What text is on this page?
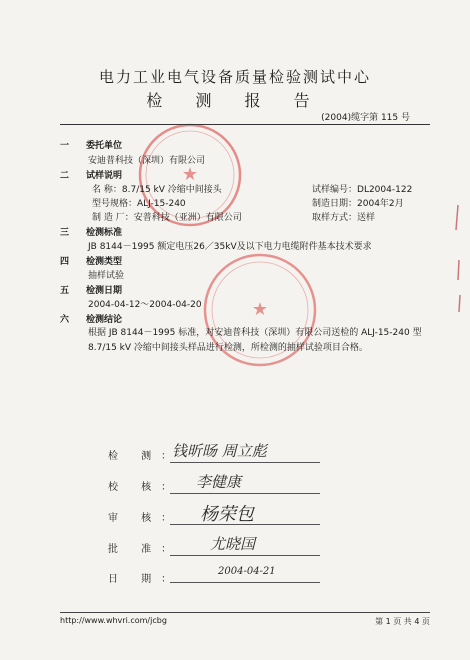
★
★
电力工业电气设备质量检验测试中心
检 测 报 告
(2004)缆字第 115 号
一 委托单位
安迪普科技（深圳）有限公司
二 试样说明
名 称：8.7/15 kV 冷缩中间接头
型号规格：ALJ-15-240
制 造 厂：安普科技（亚洲）有限公司
试样编号：DL2004-122
制造日期：2004年2月
取样方式：送样
三 检测标准
JB 8144－1995 额定电压26／35kV及以下电力电缆附件基本技术要求
四 检测类型
抽样试验
五 检测日期
2004-04-12～2004-04-20
六 检测结论
根据 JB 8144－1995 标准，对安迪普科技（深圳）有限公司送检的 ALJ-15-240 型8.7/15 kV 冷缩中间接头样品进行检测，所检测的抽样试验项目合格。
检 测：
钱昕旸 周立彪
校 核： 李健康
审 核： 杨荣包
批 准： 尤晓国
日 期：
2004-04-21
http://www.whvri.com/jcbg	第 1 页 共 4 页
